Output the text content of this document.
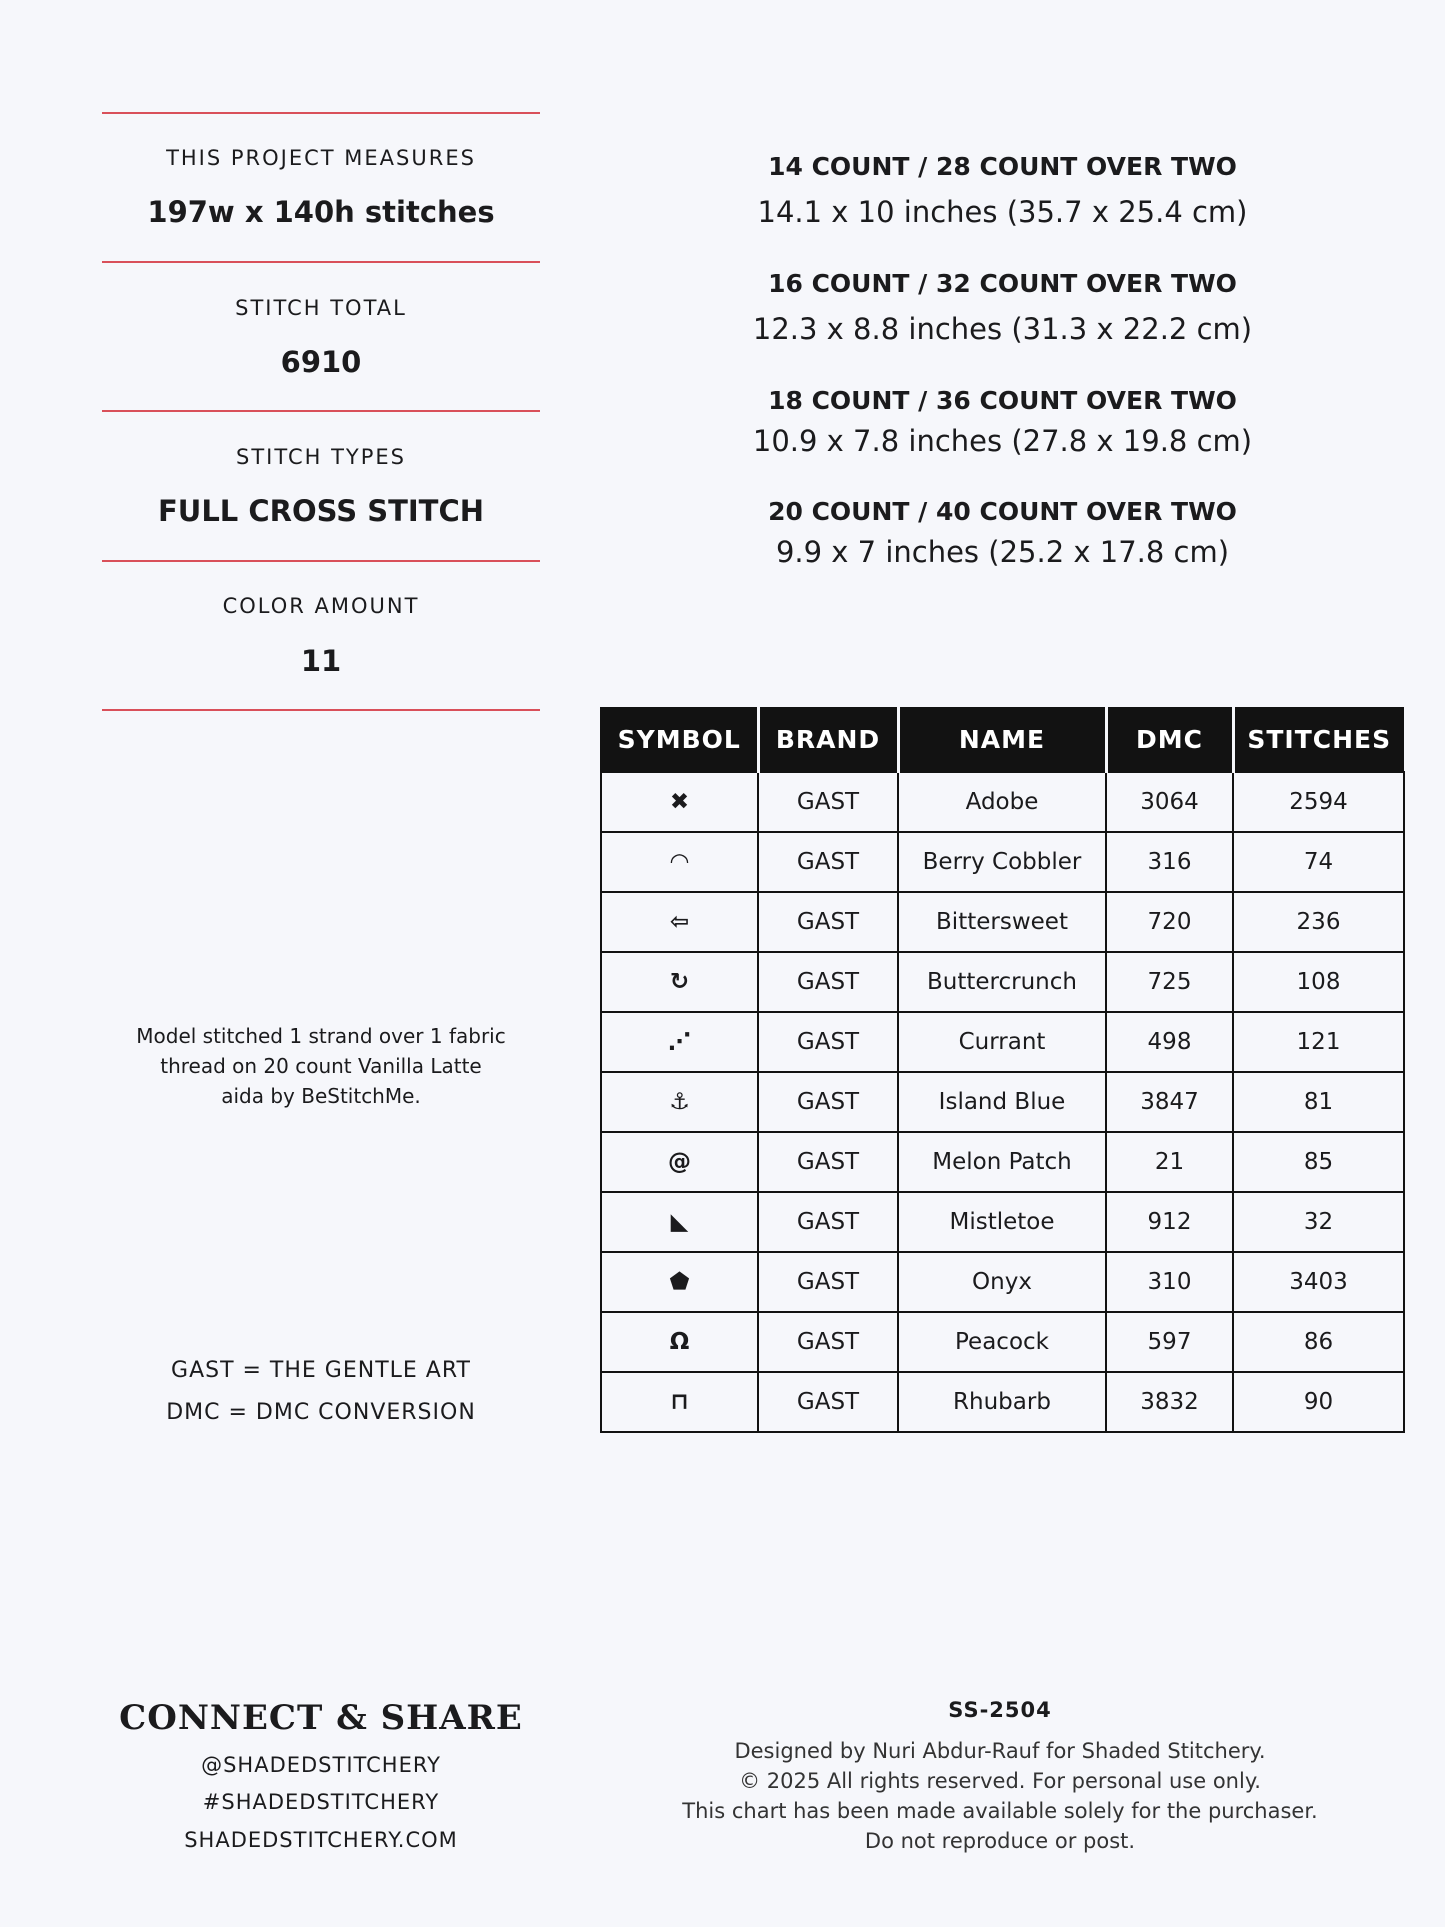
THIS PROJECT MEASURES
197w x 140h stitches
STITCH TOTAL
6910
STITCH TYPES
FULL CROSS STITCH
COLOR AMOUNT
11
14 COUNT / 28 COUNT OVER TWO
14.1 x 10 inches (35.7 x 25.4 cm)
16 COUNT / 32 COUNT OVER TWO
12.3 x 8.8 inches (31.3 x 22.2 cm)
18 COUNT / 36 COUNT OVER TWO
10.9 x 7.8 inches (27.8 x 19.8 cm)
20 COUNT / 40 COUNT OVER TWO
9.9 x 7 inches (25.2 x 17.8 cm)
SYMBOL	BRAND	NAME	DMC	STITCHES
✖	GAST	Adobe	3064	2594
◠	GAST	Berry Cobbler	316	74
⇦	GAST	Bittersweet	720	236
↻	GAST	Buttercrunch	725	108
⋰	GAST	Currant	498	121
⚓	GAST	Island Blue	3847	81
@	GAST	Melon Patch	21	85
◣	GAST	Mistletoe	912	32
⬟	GAST	Onyx	310	3403
Ω	GAST	Peacock	597	86
⊓	GAST	Rhubarb	3832	90
Model stitched 1 strand over 1 fabric
thread on 20 count Vanilla Latte
aida by BeStitchMe.
GAST = THE GENTLE ART
DMC = DMC CONVERSION
CONNECT & SHARE
@SHADEDSTITCHERY
#SHADEDSTITCHERY
SHADEDSTITCHERY.COM
SS-2504
Designed by Nuri Abdur-Rauf for Shaded Stitchery.
© 2025 All rights reserved. For personal use only.
This chart has been made available solely for the purchaser.
Do not reproduce or post.
